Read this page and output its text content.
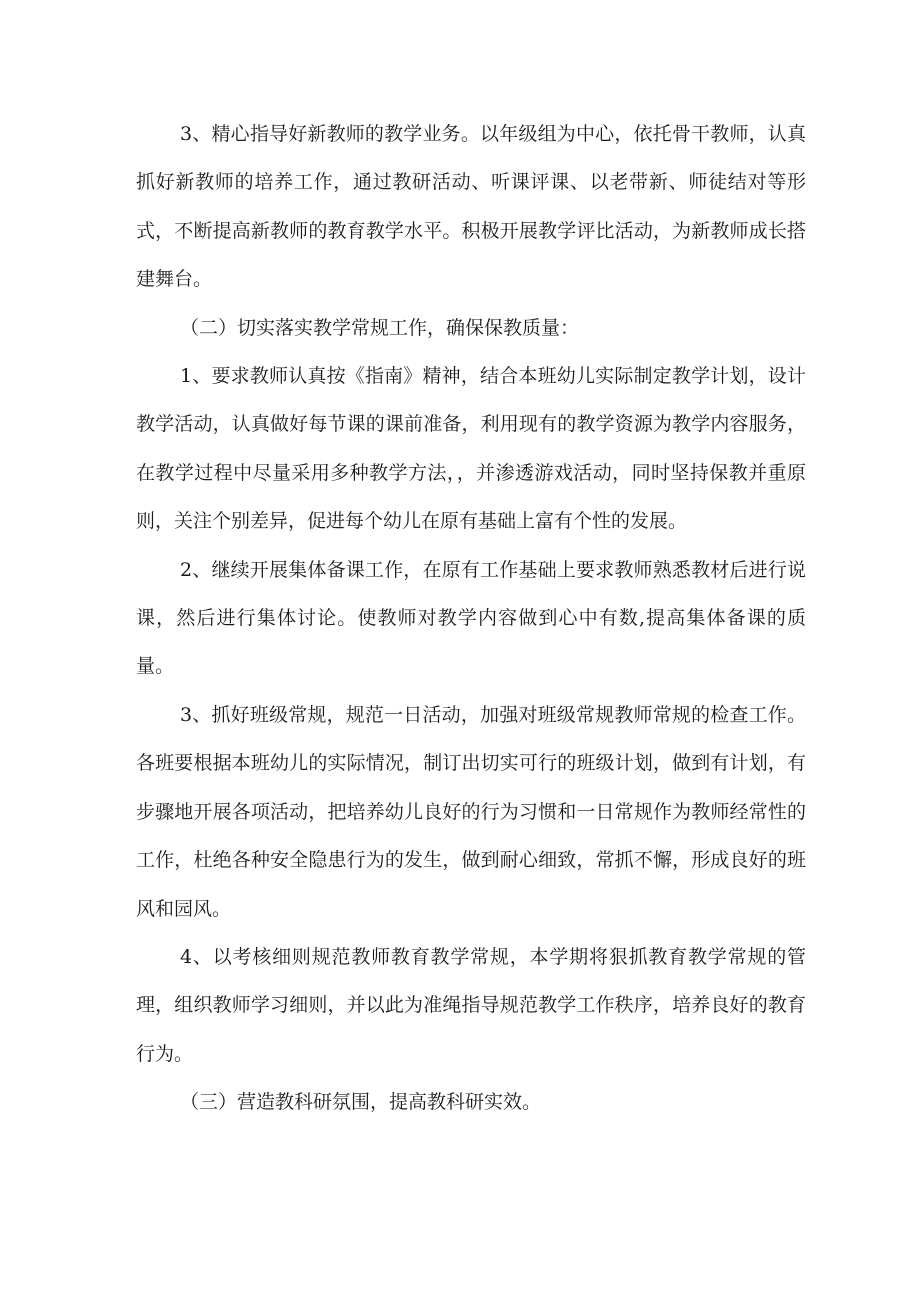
3、精心指导好新教师的教学业务。以年级组为中心，依托骨干教师，认真抓好新教师的培养工作，通过教研活动、听课评课、以老带新、师徒结对等形式，不断提高新教师的教育教学水平。积极开展教学评比活动，为新教师成长搭建舞台。

（二）切实落实教学常规工作，确保保教质量：

1、要求教师认真按《指南》精神，结合本班幼儿实际制定教学计划，设计教学活动，认真做好每节课的课前准备，利用现有的教学资源为教学内容服务，在教学过程中尽量采用多种教学方法，，并渗透游戏活动，同时坚持保教并重原则，关注个别差异，促进每个幼儿在原有基础上富有个性的发展。

2、继续开展集体备课工作，在原有工作基础上要求教师熟悉教材后进行说课，然后进行集体讨论。使教师对教学内容做到心中有数,提高集体备课的质量。

3、抓好班级常规，规范一日活动，加强对班级常规教师常规的检查工作。各班要根据本班幼儿的实际情况，制订出切实可行的班级计划，做到有计划，有步骤地开展各项活动，把培养幼儿良好的行为习惯和一日常规作为教师经常性的工作，杜绝各种安全隐患行为的发生，做到耐心细致，常抓不懈，形成良好的班风和园风。

4、以考核细则规范教师教育教学常规，本学期将狠抓教育教学常规的管理，组织教师学习细则，并以此为准绳指导规范教学工作秩序，培养良好的教育行为。

（三）营造教科研氛围，提高教科研实效。
